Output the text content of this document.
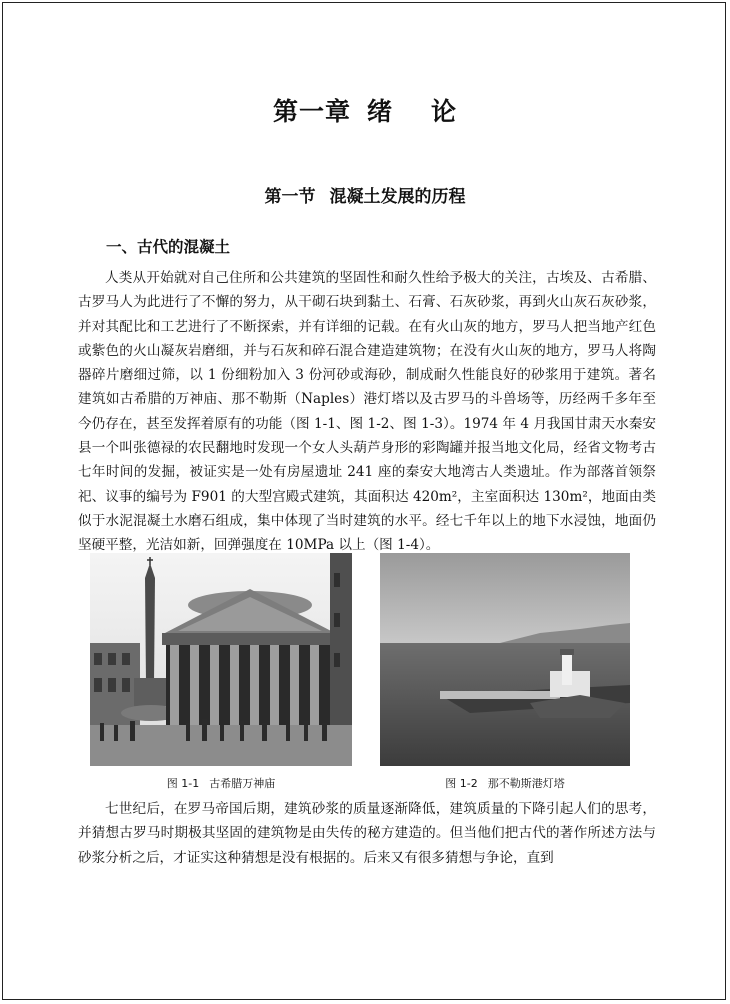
第一章 绪 论
第一节 混凝土发展的历程
一、古代的混凝土

人类从开始就对自己住所和公共建筑的坚固性和耐久性给予极大的关注，古埃及、古希腊、古罗马人为此进行了不懈的努力，从干砌石块到黏土、石膏、石灰砂浆，再到火山灰石灰砂浆，并对其配比和工艺进行了不断探索，并有详细的记载。在有火山灰的地方，罗马人把当地产红色或紫色的火山凝灰岩磨细，并与石灰和碎石混合建造建筑物；在没有火山灰的地方，罗马人将陶器碎片磨细过筛，以 1 份细粉加入 3 份河砂或海砂，制成耐久性能良好的砂浆用于建筑。著名建筑如古希腊的万神庙、那不勒斯（Naples）港灯塔以及古罗马的斗兽场等，历经两千多年至今仍存在，甚至发挥着原有的功能（图 1-1、图 1-2、图 1-3）。1974 年 4 月我国甘肃天水秦安县一个叫张德禄的农民翻地时发现一个女人头葫芦身形的彩陶罐并报当地文化局，经省文物考古七年时间的发掘，被证实是一处有房屋遗址 241 座的秦安大地湾古人类遗址。作为部落首领祭祀、议事的编号为 F901 的大型宫殿式建筑，其面积达 420m²，主室面积达 130m²，地面由类似于水泥混凝土水磨石组成，集中体现了当时建筑的水平。经七千年以上的地下水浸蚀，地面仍坚硬平整，光洁如新，回弹强度在 10MPa 以上（图 1-4）。

图 1-1 古希腊万神庙	图 1-2 那不勒斯港灯塔

七世纪后，在罗马帝国后期，建筑砂浆的质量逐渐降低，建筑质量的下降引起人们的思考，并猜想古罗马时期极其坚固的建筑物是由失传的秘方建造的。但当他们把古代的著作所述方法与砂浆分析之后，才证实这种猜想是没有根据的。后来又有很多猜想与争论，直到
